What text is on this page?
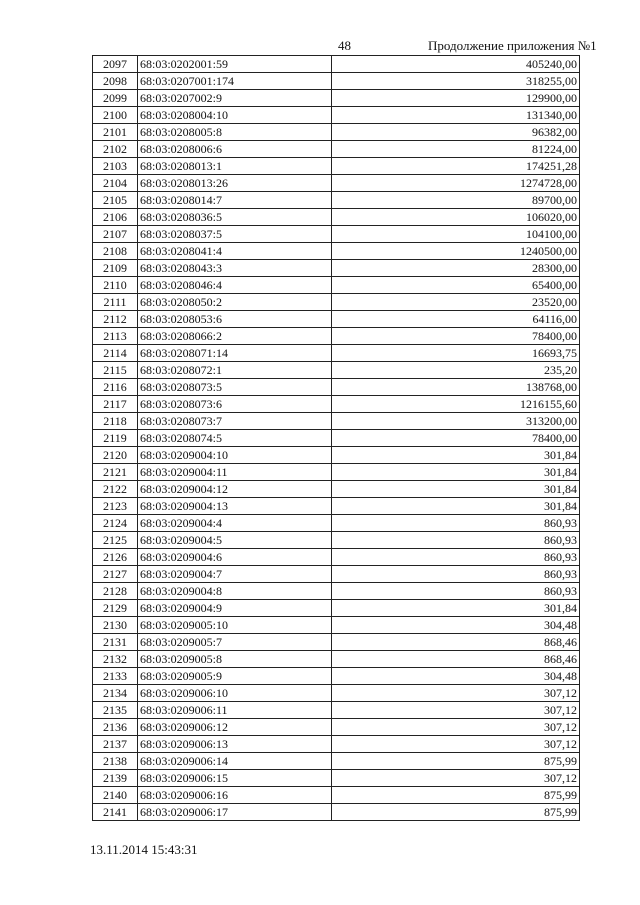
48	Продолжение приложения №1
2097	68:03:0202001:59	405240,00
2098	68:03:0207001:174	318255,00
2099	68:03:0207002:9	129900,00
2100	68:03:0208004:10	131340,00
2101	68:03:0208005:8	96382,00
2102	68:03:0208006:6	81224,00
2103	68:03:0208013:1	174251,28
2104	68:03:0208013:26	1274728,00
2105	68:03:0208014:7	89700,00
2106	68:03:0208036:5	106020,00
2107	68:03:0208037:5	104100,00
2108	68:03:0208041:4	1240500,00
2109	68:03:0208043:3	28300,00
2110	68:03:0208046:4	65400,00
2111	68:03:0208050:2	23520,00
2112	68:03:0208053:6	64116,00
2113	68:03:0208066:2	78400,00
2114	68:03:0208071:14	16693,75
2115	68:03:0208072:1	235,20
2116	68:03:0208073:5	138768,00
2117	68:03:0208073:6	1216155,60
2118	68:03:0208073:7	313200,00
2119	68:03:0208074:5	78400,00
2120	68:03:0209004:10	301,84
2121	68:03:0209004:11	301,84
2122	68:03:0209004:12	301,84
2123	68:03:0209004:13	301,84
2124	68:03:0209004:4	860,93
2125	68:03:0209004:5	860,93
2126	68:03:0209004:6	860,93
2127	68:03:0209004:7	860,93
2128	68:03:0209004:8	860,93
2129	68:03:0209004:9	301,84
2130	68:03:0209005:10	304,48
2131	68:03:0209005:7	868,46
2132	68:03:0209005:8	868,46
2133	68:03:0209005:9	304,48
2134	68:03:0209006:10	307,12
2135	68:03:0209006:11	307,12
2136	68:03:0209006:12	307,12
2137	68:03:0209006:13	307,12
2138	68:03:0209006:14	875,99
2139	68:03:0209006:15	307,12
2140	68:03:0209006:16	875,99
2141	68:03:0209006:17	875,99
13.11.2014 15:43:31
